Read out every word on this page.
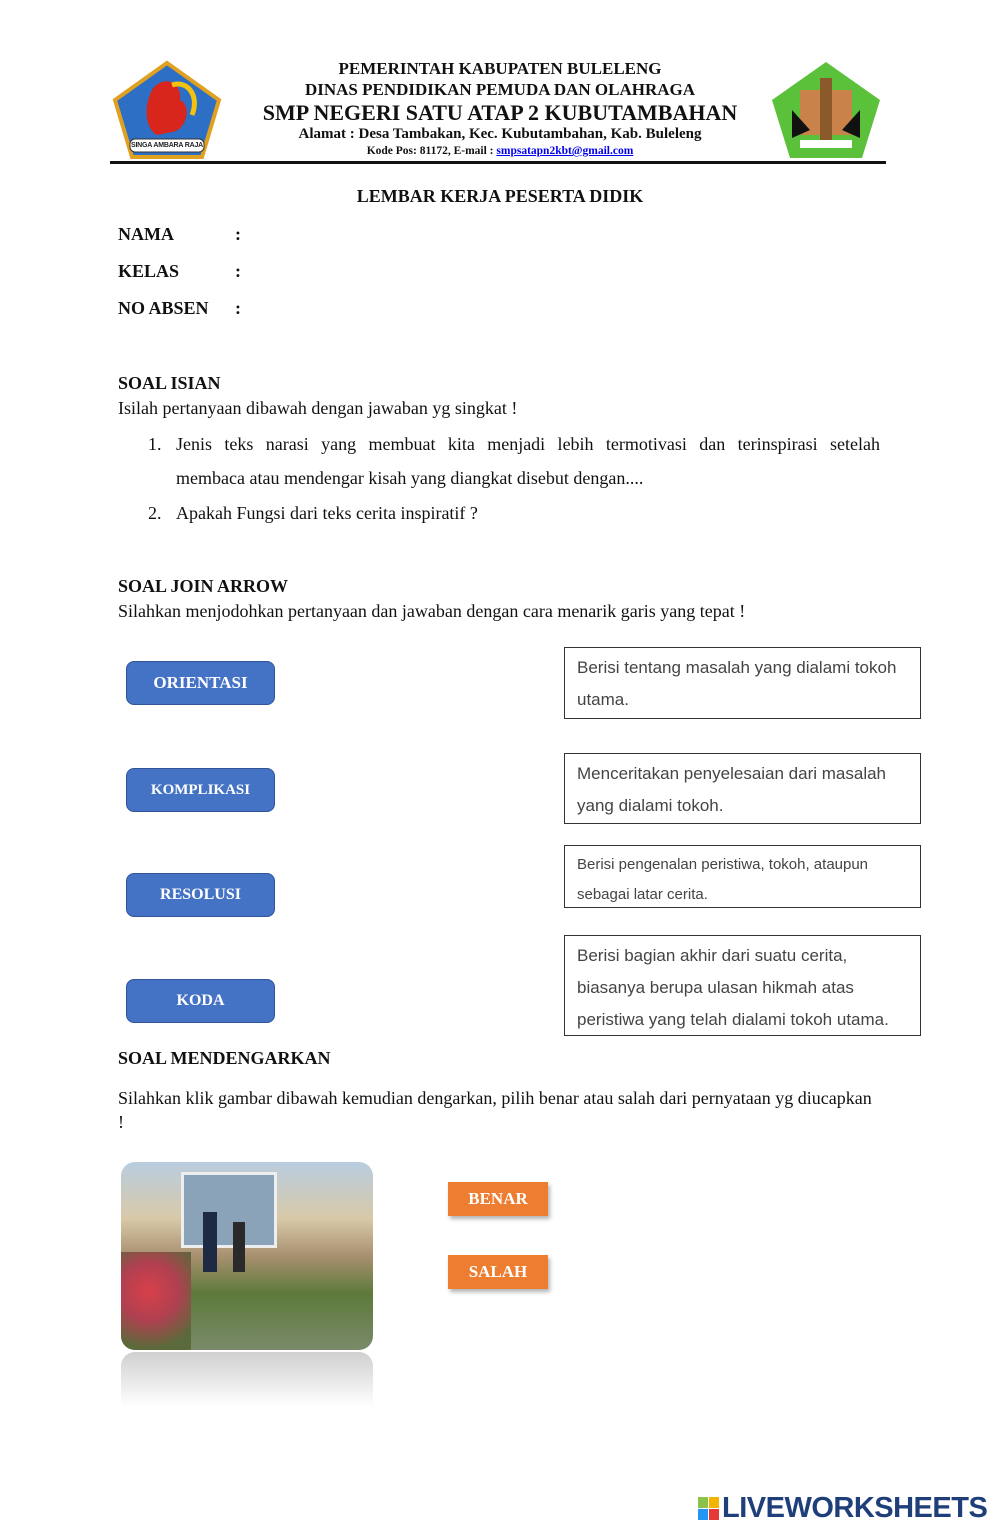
SINGA AMBARA RAJA
PEMERINTAH KABUPATEN BULELENG
DINAS PENDIDIKAN PEMUDA DAN OLAHRAGA
SMP NEGERI SATU ATAP 2 KUBUTAMBAHAN
Alamat : Desa Tambakan, Kec. Kubutambahan, Kab. Buleleng
Kode Pos: 81172, E-mail : smpsatapn2kbt@gmail.com
LEMBAR KERJA PESERTA DIDIK
NAMA	:
KELAS	:
NO ABSEN :
SOAL ISIAN
Isilah pertanyaan dibawah dengan jawaban yg singkat !
1. Jenis teks narasi yang membuat kita menjadi lebih termotivasi dan terinspirasi setelah
membaca atau mendengar kisah yang diangkat disebut dengan....
2. Apakah Fungsi dari teks cerita inspiratif ?
SOAL JOIN ARROW
Silahkan menjodohkan pertanyaan dan jawaban dengan cara menarik garis yang tepat !
ORIENTASI
KOMPLIKASI
RESOLUSI
KODA
Berisi tentang masalah yang dialami tokoh utama.
Menceritakan penyelesaian dari masalah yang dialami tokoh.
Berisi pengenalan peristiwa, tokoh, ataupun sebagai latar cerita.
Berisi bagian akhir dari suatu cerita, biasanya berupa ulasan hikmah atas peristiwa yang telah dialami tokoh utama.
SOAL MENDENGARKAN
Silahkan klik gambar dibawah kemudian dengarkan, pilih benar atau salah dari pernyataan yg diucapkan !
BENAR
SALAH
LIVEWORKSHEETS
